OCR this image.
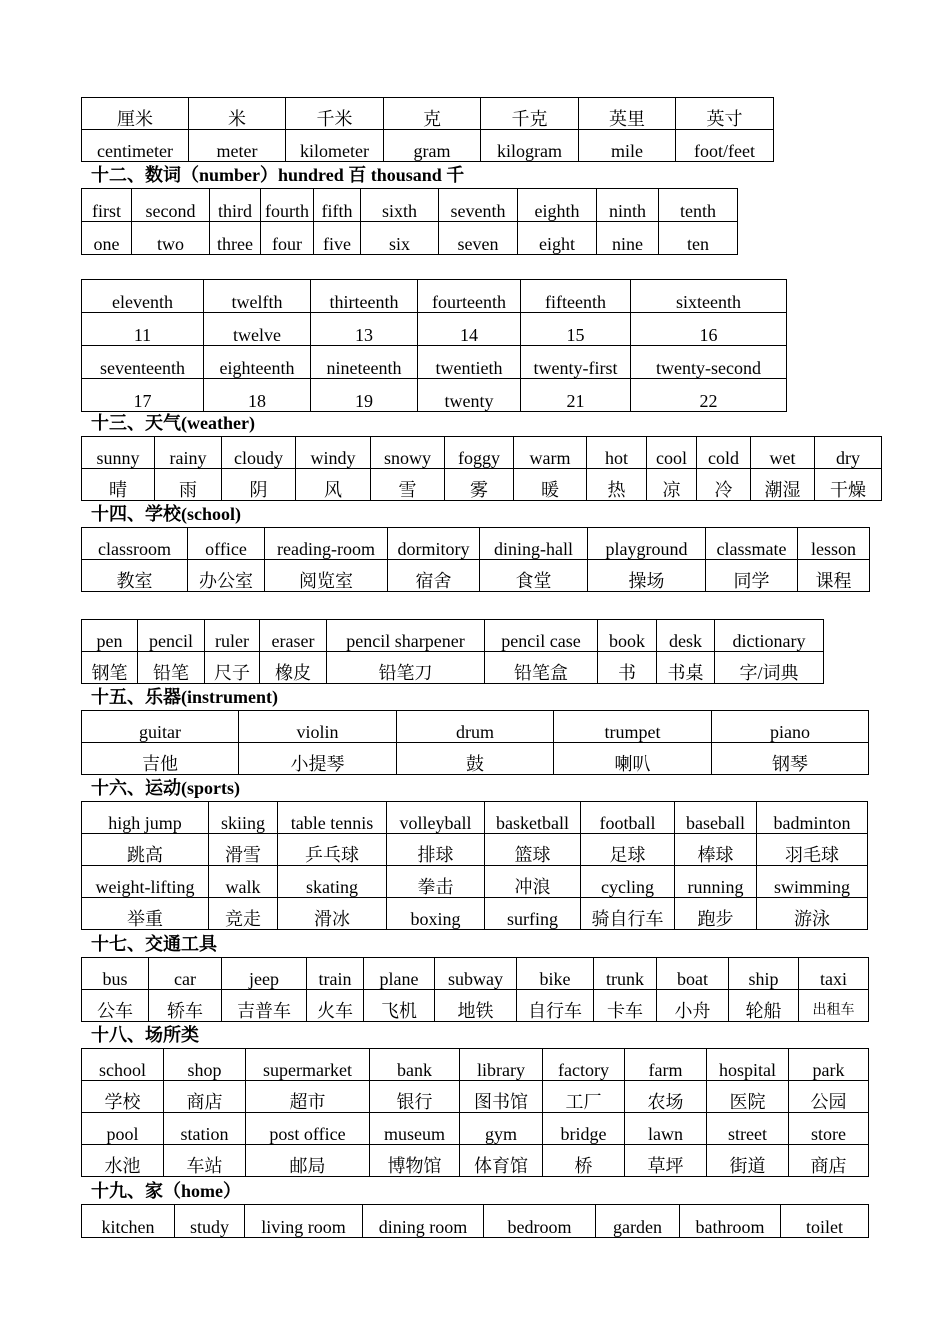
厘米	米	千米	克	千克	英里	英寸
centimeter	meter	kilometer	gram	kilogram	mile	foot/feet
十二、数词（number）hundred 百 thousand 千
first	second	third	fourth	fifth	sixth	seventh	eighth	ninth	tenth
one	two	three	four	five	six	seven	eight	nine	ten
eleventh	twelfth	thirteenth	fourteenth	fifteenth	sixteenth
11	twelve	13	14	15	16
seventeenth	eighteenth	nineteenth	twentieth	twenty-first	twenty-second
17	18	19	twenty	21	22
十三、天气(weather)
sunny	rainy	cloudy	windy	snowy	foggy	warm	hot	cool	cold	wet	dry
晴	雨	阴	风	雪	雾	暖	热	凉	冷	潮湿	干燥
十四、学校(school)
classroom	office	reading-room	dormitory	dining-hall	playground	classmate	lesson
教室	办公室	阅览室	宿舍	食堂	操场	同学	课程
pen	pencil	ruler	eraser	pencil sharpener	pencil case	book	desk	dictionary
钢笔	铅笔	尺子	橡皮	铅笔刀	铅笔盒	书	书桌	字/词典
十五、乐器(instrument)
guitar	violin	drum	trumpet	piano
吉他	小提琴	鼓	喇叭	钢琴
十六、运动(sports)
high jump	skiing	table tennis	volleyball	basketball	football	baseball	badminton
跳高	滑雪	乒乓球	排球	篮球	足球	棒球	羽毛球
weight-lifting	walk	skating	拳击	冲浪	cycling	running	swimming
举重	竞走	滑冰	boxing	surfing	骑自行车	跑步	游泳
十七、交通工具
bus	car	jeep	train	plane	subway	bike	trunk	boat	ship	taxi
公车	轿车	吉普车	火车	飞机	地铁	自行车	卡车	小舟	轮船	出租车
十八、场所类
school	shop	supermarket	bank	library	factory	farm	hospital	park
学校	商店	超市	银行	图书馆	工厂	农场	医院	公园
pool	station	post office	museum	gym	bridge	lawn	street	store
水池	车站	邮局	博物馆	体育馆	桥	草坪	街道	商店
十九、家（home）
kitchen	study	living room	dining room	bedroom	garden	bathroom	toilet
